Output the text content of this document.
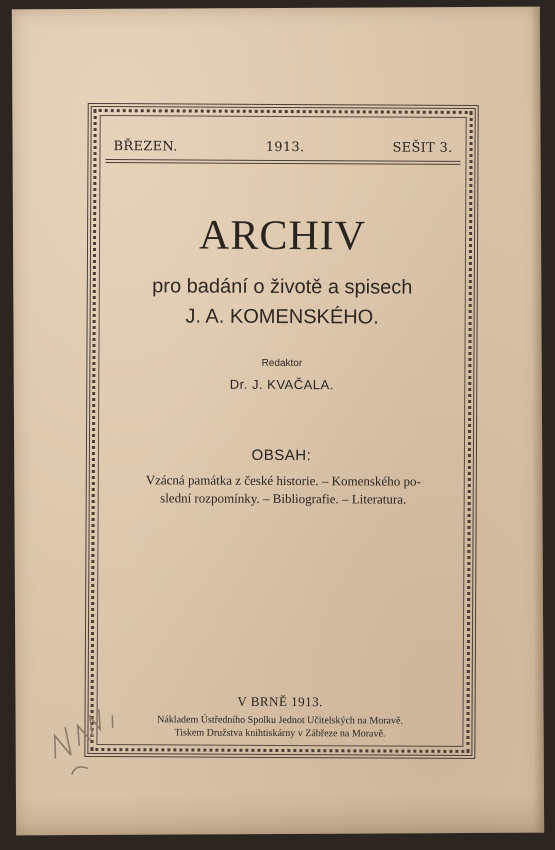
BŘEZEN.	1913.	SEŠIT 3.
ARCHIV
pro badání o životě a spisech
J. A. KOMENSKÉHO.
Redaktor
Dr. J. KVAČALA.
OBSAH:
Vzácná památka z české historie. – Komenského po-
slední rozpomínky. – Bibliografie. – Literatura.
V BRNĚ 1913.
Nákladem Ústředního Spolku Jednot Učitelských na Moravě.
Tiskem Družstva knihtiskárny v Zábřeze na Moravě.
